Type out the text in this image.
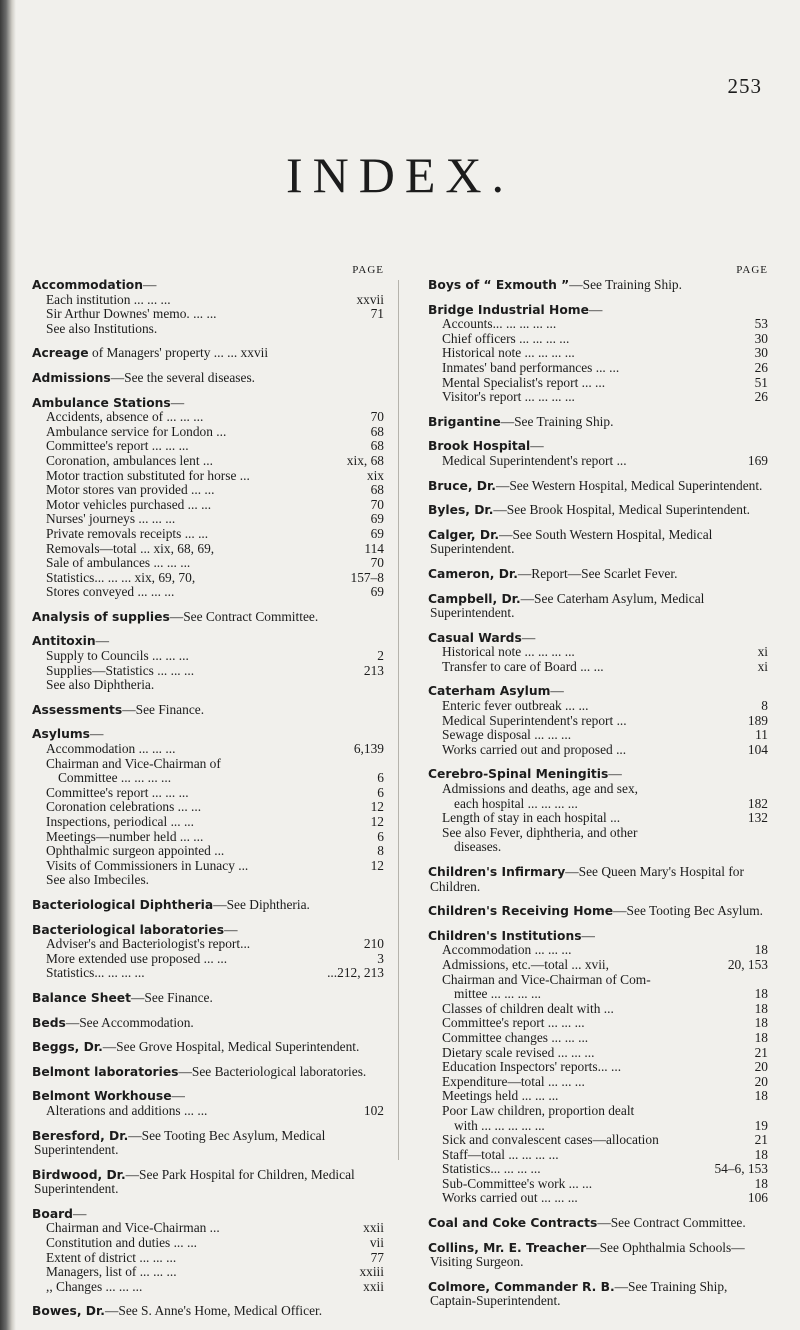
253
INDEX.
PAGE
Accommodation—
Each institution ... ... ...	xxvii
Sir Arthur Downes' memo. ... ...	71
See also Institutions.
Acreage of Managers' property ... ... xxvii
Admissions—See the several diseases.
Ambulance Stations—
Accidents, absence of ... ... ...	70
Ambulance service for London ...	68
Committee's report ... ... ...	68
Coronation, ambulances lent ...	xix, 68
Motor traction substituted for horse ...	xix
Motor stores van provided ... ...	68
Motor vehicles purchased ... ...	70
Nurses' journeys ... ... ...	69
Private removals receipts ... ...	69
Removals—total ... xix, 68, 69,	114
Sale of ambulances ... ... ...	70
Statistics... ... ... xix, 69, 70,	157–8
Stores conveyed ... ... ...	69
Analysis of supplies—See Contract Committee.
Antitoxin—
Supply to Councils ... ... ...	2
Supplies—Statistics ... ... ...	213
See also Diphtheria.
Assessments—See Finance.
Asylums—
Accommodation ... ... ...	6,139
Chairman and Vice-Chairman of
Committee ... ... ... ...	6
Committee's report ... ... ...	6
Coronation celebrations ... ...	12
Inspections, periodical ... ...	12
Meetings—number held ... ...	6
Ophthalmic surgeon appointed ...	8
Visits of Commissioners in Lunacy ...	12
See also Imbeciles.
Bacteriological Diphtheria—See Diphtheria.
Bacteriological laboratories—
Adviser's and Bacteriologist's report...	210
More extended use proposed ... ...	3
Statistics... ... ... ...	...212, 213
Balance Sheet—See Finance.
Beds—See Accommodation.
Beggs, Dr.—See Grove Hospital, Medical Superintendent.
Belmont laboratories—See Bacteriological laboratories.
Belmont Workhouse—
Alterations and additions ... ...	102
Beresford, Dr.—See Tooting Bec Asylum, Medical Superintendent.
Birdwood, Dr.—See Park Hospital for Children, Medical Superintendent.
Board—
Chairman and Vice-Chairman ...	xxii
Constitution and duties ... ...	vii
Extent of district ... ... ...	77
Managers, list of ... ... ...	xxiii
,, Changes ... ... ...	xxii
Bowes, Dr.—See S. Anne's Home, Medical Officer.
PAGE
Boys of “ Exmouth ”—See Training Ship.
Bridge Industrial Home—
Accounts... ... ... ... ...	53
Chief officers ... ... ... ...	30
Historical note ... ... ... ...	30
Inmates' band performances ... ...	26
Mental Specialist's report ... ...	51
Visitor's report ... ... ... ...	26
Brigantine—See Training Ship.
Brook Hospital—
Medical Superintendent's report ...	169
Bruce, Dr.—See Western Hospital, Medical Superintendent.
Byles, Dr.—See Brook Hospital, Medical Superintendent.
Calger, Dr.—See South Western Hospital, Medical Superintendent.
Cameron, Dr.—Report—See Scarlet Fever.
Campbell, Dr.—See Caterham Asylum, Medical Superintendent.
Casual Wards—
Historical note ... ... ... ...	xi
Transfer to care of Board ... ...	xi
Caterham Asylum—
Enteric fever outbreak ... ...	8
Medical Superintendent's report ...	189
Sewage disposal ... ... ...	11
Works carried out and proposed ...	104
Cerebro-Spinal Meningitis—
Admissions and deaths, age and sex,
each hospital ... ... ... ...	182
Length of stay in each hospital ...	132
See also Fever, diphtheria, and other
diseases.
Children's Infirmary—See Queen Mary's Hospital for Children.
Children's Receiving Home—See Tooting Bec Asylum.
Children's Institutions—
Accommodation ... ... ...	18
Admissions, etc.—total ... xvii,	20, 153
Chairman and Vice-Chairman of Com-
mittee ... ... ... ...	18
Classes of children dealt with ...	18
Committee's report ... ... ...	18
Committee changes ... ... ...	18
Dietary scale revised ... ... ...	21
Education Inspectors' reports... ...	20
Expenditure—total ... ... ...	20
Meetings held ... ... ...	18
Poor Law children, proportion dealt
with ... ... ... ... ...	19
Sick and convalescent cases—allocation	21
Staff—total ... ... ... ...	18
Statistics... ... ... ...	54–6, 153
Sub-Committee's work ... ...	18
Works carried out ... ... ...	106
Coal and Coke Contracts—See Contract Committee.
Collins, Mr. E. Treacher—See Ophthalmia Schools—Visiting Surgeon.
Colmore, Commander R. B.—See Training Ship, Captain-Superintendent.
